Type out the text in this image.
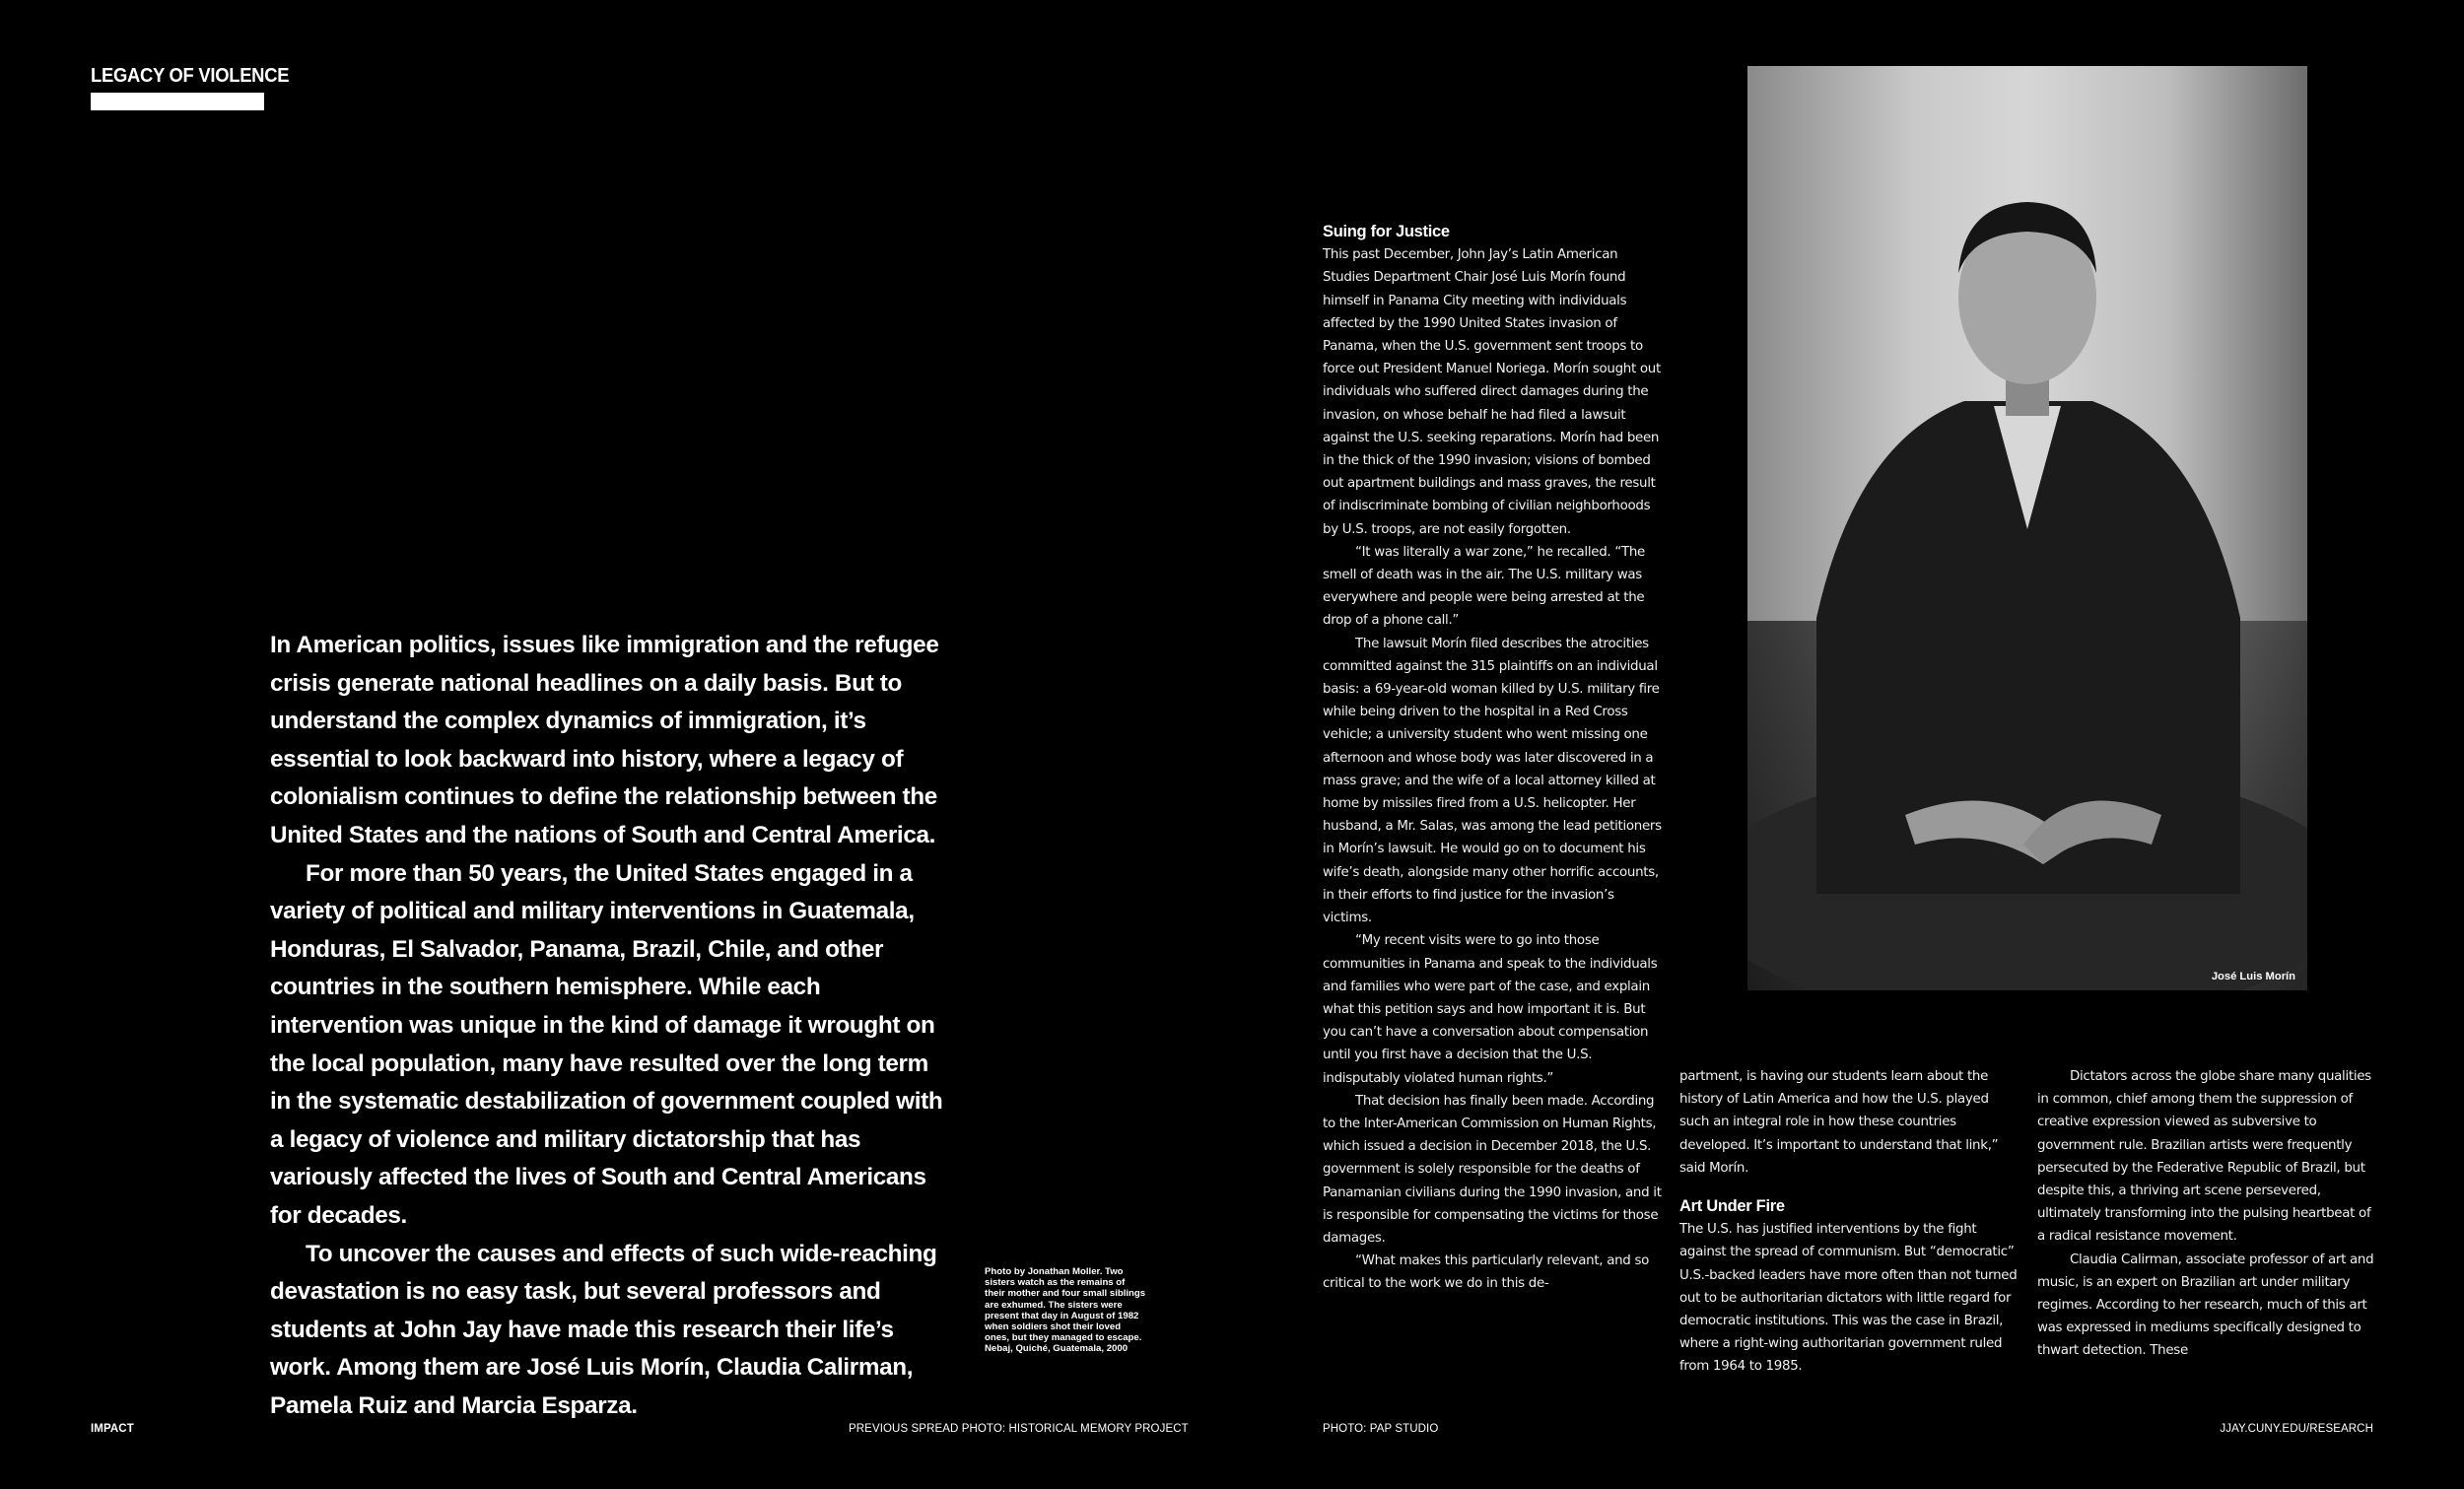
LEGACY OF VIOLENCE

In American politics, issues like immigration and the refugee crisis generate national headlines on a daily basis. But to understand the complex dynamics of immigration, it’s essential to look backward into history, where a legacy of colonialism continues to define the relationship between the United States and the nations of South and Central America.

For more than 50 years, the United States engaged in a variety of political and military interventions in Guatemala, Honduras, El Salvador, Panama, Brazil, Chile, and other countries in the southern hemisphere. While each intervention was unique in the kind of damage it wrought on the local population, many have resulted over the long term in the systematic destabilization of government coupled with a legacy of violence and military dictatorship that has variously affected the lives of South and Central Americans for decades.

To uncover the causes and effects of such wide-reaching devastation is no easy task, but several professors and students at John Jay have made this research their life’s work. Among them are José Luis Morín, Claudia Calirman, Pamela Ruiz and Marcia Esparza.

Photo by Jonathan Moller. Two sisters watch as the remains of their mother and four small siblings are exhumed. The sisters were present that day in August of 1982 when soldiers shot their loved ones, but they managed to escape. Nebaj, Quiché, Guatemala, 2000
Suing for Justice

This past December, John Jay’s Latin American Studies Department Chair José Luis Morín found himself in Panama City meeting with individuals affected by the 1990 United States invasion of Panama, when the U.S. government sent troops to force out President Manuel Noriega. Morín sought out individuals who suffered direct damages during the invasion, on whose behalf he had filed a lawsuit against the U.S. seeking reparations. Morín had been in the thick of the 1990 invasion; visions of bombed out apartment buildings and mass graves, the result of indiscriminate bombing of civilian neighborhoods by U.S. troops, are not easily forgotten.

“It was literally a war zone,” he recalled. “The smell of death was in the air. The U.S. military was everywhere and people were being arrested at the drop of a phone call.”

The lawsuit Morín filed describes the atrocities committed against the 315 plaintiffs on an individual basis: a 69-year-old woman killed by U.S. military fire while being driven to the hospital in a Red Cross vehicle; a university student who went missing one afternoon and whose body was later discovered in a mass grave; and the wife of a local attorney killed at home by missiles fired from a U.S. helicopter. Her husband, a Mr. Salas, was among the lead petitioners in Morín’s lawsuit. He would go on to document his wife’s death, alongside many other horrific accounts, in their efforts to find justice for the invasion’s victims.

“My recent visits were to go into those communities in Panama and speak to the individuals and families who were part of the case, and explain what this petition says and how important it is. But you can’t have a conversation about compensation until you first have a decision that the U.S. indisputably violated human rights.”

That decision has finally been made. According to the Inter-American Commission on Human Rights, which issued a decision in December 2018, the U.S. government is solely responsible for the deaths of Panamanian civilians during the 1990 invasion, and it is responsible for compensating the victims for those damages.

“What makes this particularly relevant, and so critical to the work we do in this de-

José Luis Morín

partment, is having our students learn about the history of Latin America and how the U.S. played such an integral role in how these countries developed. It’s important to understand that link,” said Morín.

Art Under Fire

The U.S. has justified interventions by the fight against the spread of communism. But “democratic” U.S.-backed leaders have more often than not turned out to be authoritarian dictators with little regard for democratic institutions. This was the case in Brazil, where a right-wing authoritarian government ruled from 1964 to 1985.

Dictators across the globe share many qualities in common, chief among them the suppression of creative expression viewed as subversive to government rule. Brazilian artists were frequently persecuted by the Federative Republic of Brazil, but despite this, a thriving art scene persevered, ultimately transforming into the pulsing heartbeat of a radical resistance movement.

Claudia Calirman, associate professor of art and music, is an expert on Brazilian art under military regimes. According to her research, much of this art was expressed in mediums specifically designed to thwart detection. These

IMPACT	PREVIOUS SPREAD PHOTO: HISTORICAL MEMORY PROJECT	PHOTO: PAP STUDIO	JJAY.CUNY.EDU/RESEARCH
